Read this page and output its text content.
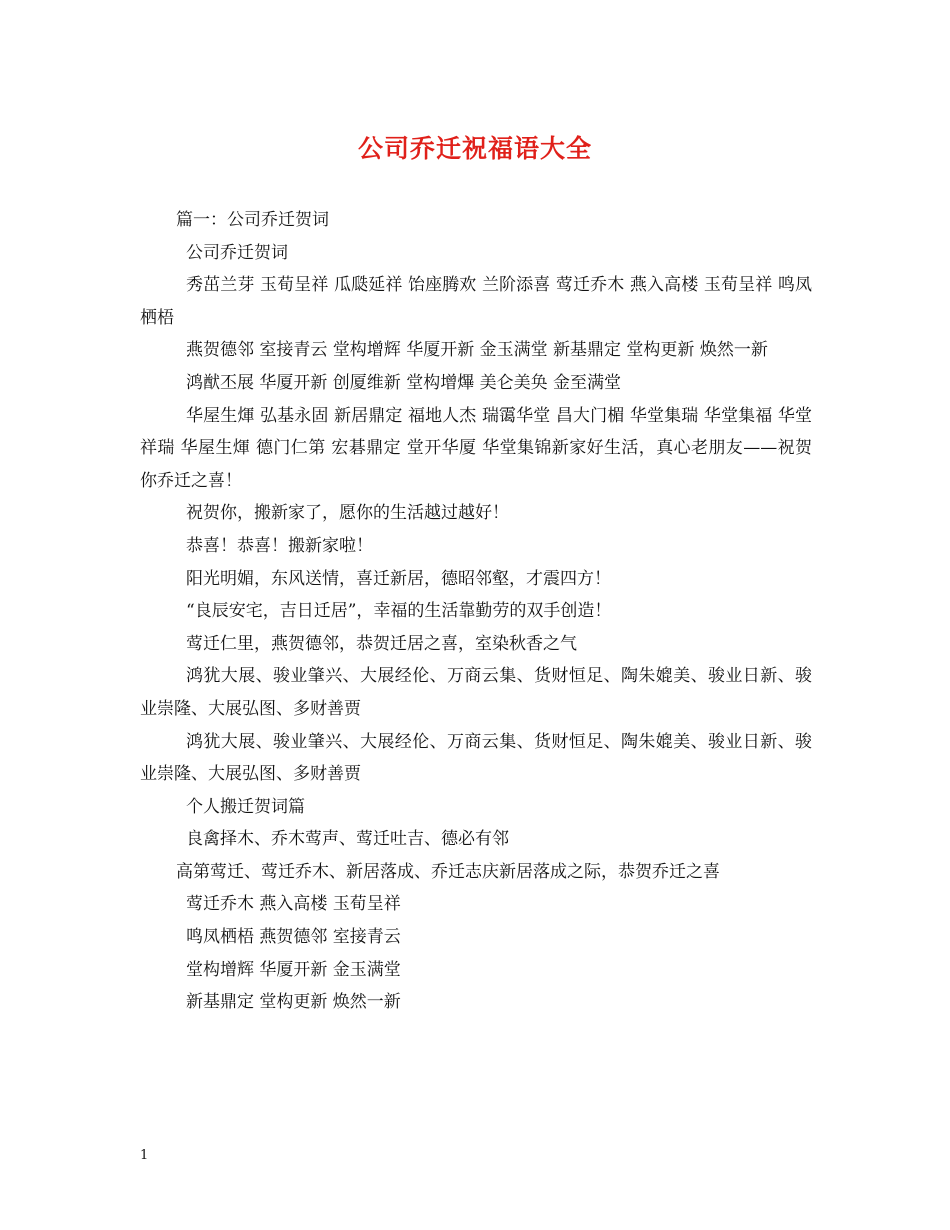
公司乔迁祝福语大全

篇一：公司乔迁贺词

公司乔迁贺词

秀茁兰芽 玉荀呈祥 瓜瓞延祥 饴座腾欢 兰阶添喜 莺迁乔木 燕入高楼 玉荀呈祥 鸣凤栖梧

燕贺德邻 室接青云 堂构增辉 华厦开新 金玉满堂 新基鼎定 堂构更新 焕然一新

鸿猷丕展 华厦开新 创厦维新 堂构增熚 美仑美奂 金至满堂

华屋生煇 弘基永固 新居鼎定 福地人杰 瑞霭华堂 昌大门楣 华堂集瑞 华堂集福 华堂祥瑞 华屋生煇 德门仁第 宏碁鼎定 堂开华厦 华堂集锦新家好生活，真心老朋友——祝贺你乔迁之喜！

祝贺你，搬新家了，愿你的生活越过越好！

恭喜！恭喜！搬新家啦！

阳光明媚，东风送情，喜迁新居，德昭邻壑，才震四方！

“良辰安宅，吉日迁居”，幸福的生活靠勤劳的双手创造！

莺迁仁里，燕贺德邻，恭贺迁居之喜，室染秋香之气

鸿犹大展、骏业肇兴、大展经伦、万商云集、货财恒足、陶朱媲美、骏业日新、骏业崇隆、大展弘图、多财善贾

鸿犹大展、骏业肇兴、大展经伦、万商云集、货财恒足、陶朱媲美、骏业日新、骏业崇隆、大展弘图、多财善贾

个人搬迁贺词篇

良禽择木、乔木莺声、莺迁吐吉、德必有邻

高第莺迁、莺迁乔木、新居落成、乔迁志庆新居落成之际，恭贺乔迁之喜

莺迁乔木 燕入高楼 玉荀呈祥

鸣凤栖梧 燕贺德邻 室接青云

堂构增辉 华厦开新 金玉满堂

新基鼎定 堂构更新 焕然一新

1
